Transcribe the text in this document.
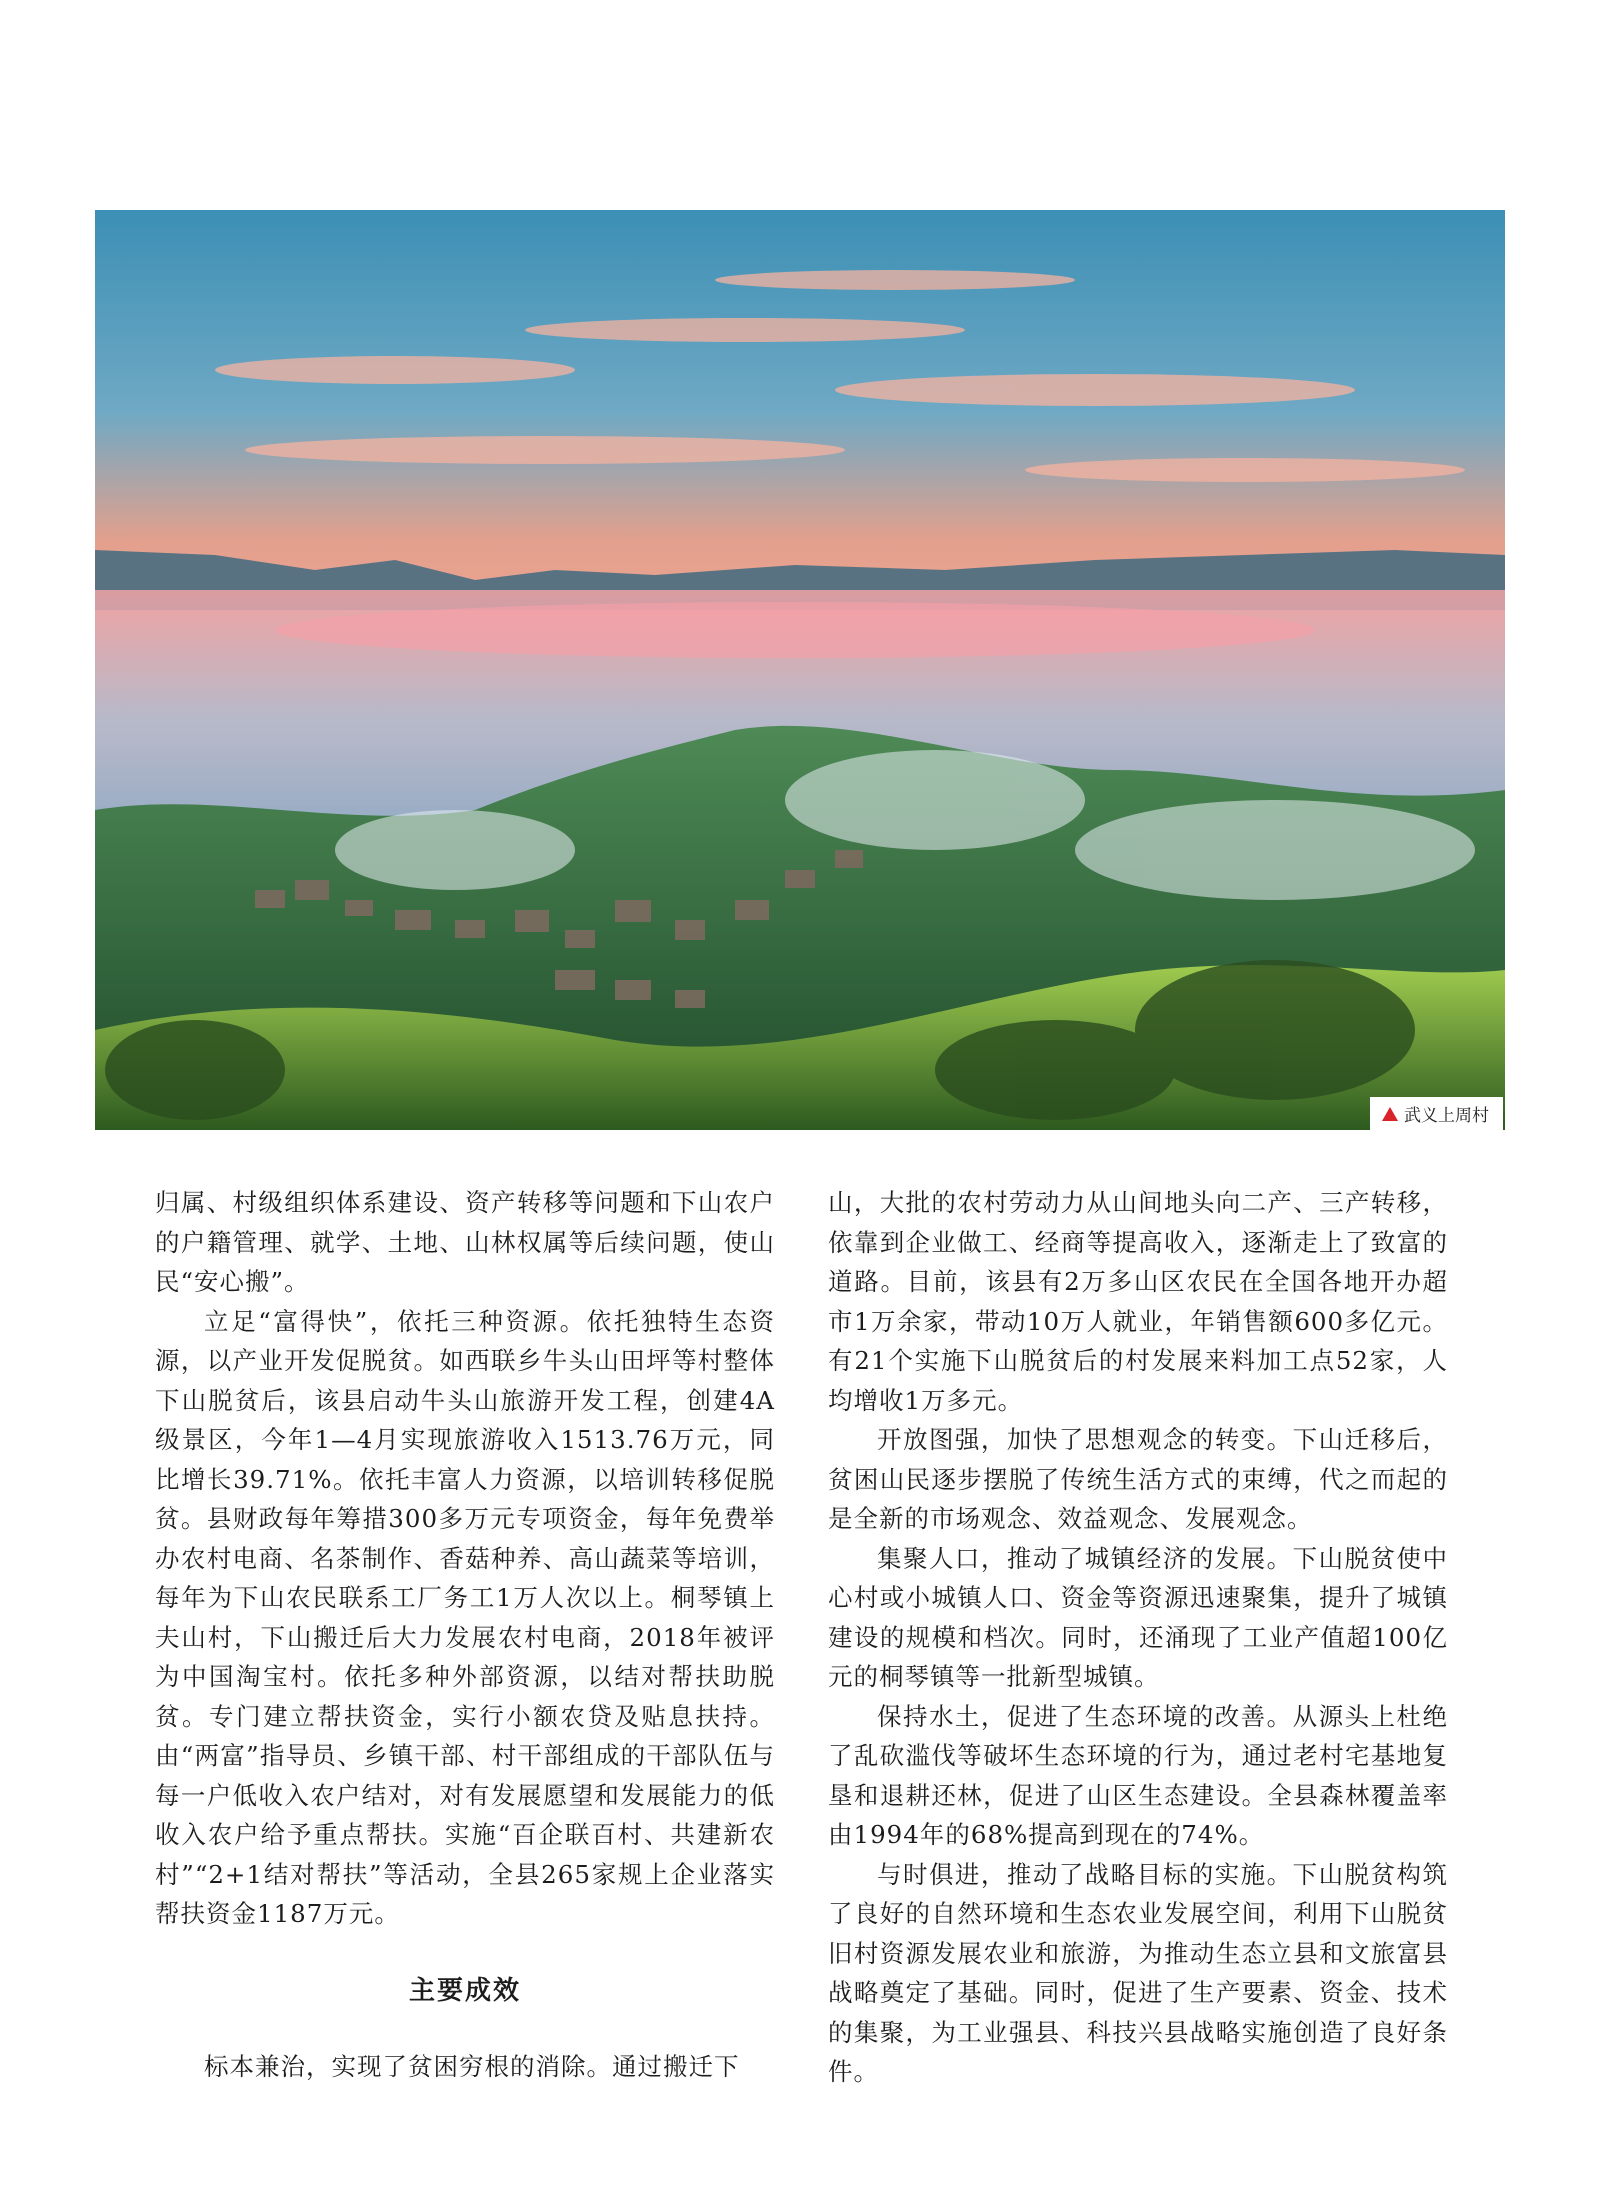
武义上周村

归属、村级组织体系建设、资产转移等问题和下山农户的户籍管理、就学、土地、山林权属等后续问题，使山民“安心搬”。

立足“富得快”，依托三种资源。依托独特生态资源，以产业开发促脱贫。如西联乡牛头山田坪等村整体下山脱贫后，该县启动牛头山旅游开发工程，创建4A级景区，今年1—4月实现旅游收入1513.76万元，同比增长39.71%。依托丰富人力资源，以培训转移促脱贫。县财政每年筹措300多万元专项资金，每年免费举办农村电商、名茶制作、香菇种养、高山蔬菜等培训，每年为下山农民联系工厂务工1万人次以上。桐琴镇上夫山村，下山搬迁后大力发展农村电商，2018年被评为中国淘宝村。依托多种外部资源，以结对帮扶助脱贫。专门建立帮扶资金，实行小额农贷及贴息扶持。由“两富”指导员、乡镇干部、村干部组成的干部队伍与每一户低收入农户结对，对有发展愿望和发展能力的低收入农户给予重点帮扶。实施“百企联百村、共建新农村”“2+1结对帮扶”等活动，全县265家规上企业落实帮扶资金1187万元。

主要成效

标本兼治，实现了贫困穷根的消除。通过搬迁下

山，大批的农村劳动力从山间地头向二产、三产转移，依靠到企业做工、经商等提高收入，逐渐走上了致富的道路。目前，该县有2万多山区农民在全国各地开办超市1万余家，带动10万人就业，年销售额600多亿元。有21个实施下山脱贫后的村发展来料加工点52家，人均增收1万多元。

开放图强，加快了思想观念的转变。下山迁移后，贫困山民逐步摆脱了传统生活方式的束缚，代之而起的是全新的市场观念、效益观念、发展观念。

集聚人口，推动了城镇经济的发展。下山脱贫使中心村或小城镇人口、资金等资源迅速聚集，提升了城镇建设的规模和档次。同时，还涌现了工业产值超100亿元的桐琴镇等一批新型城镇。

保持水土，促进了生态环境的改善。从源头上杜绝了乱砍滥伐等破坏生态环境的行为，通过老村宅基地复垦和退耕还林，促进了山区生态建设。全县森林覆盖率由1994年的68%提高到现在的74%。

与时俱进，推动了战略目标的实施。下山脱贫构筑了良好的自然环境和生态农业发展空间，利用下山脱贫旧村资源发展农业和旅游，为推动生态立县和文旅富县战略奠定了基础。同时，促进了生产要素、资金、技术的集聚，为工业强县、科技兴县战略实施创造了良好条件。
